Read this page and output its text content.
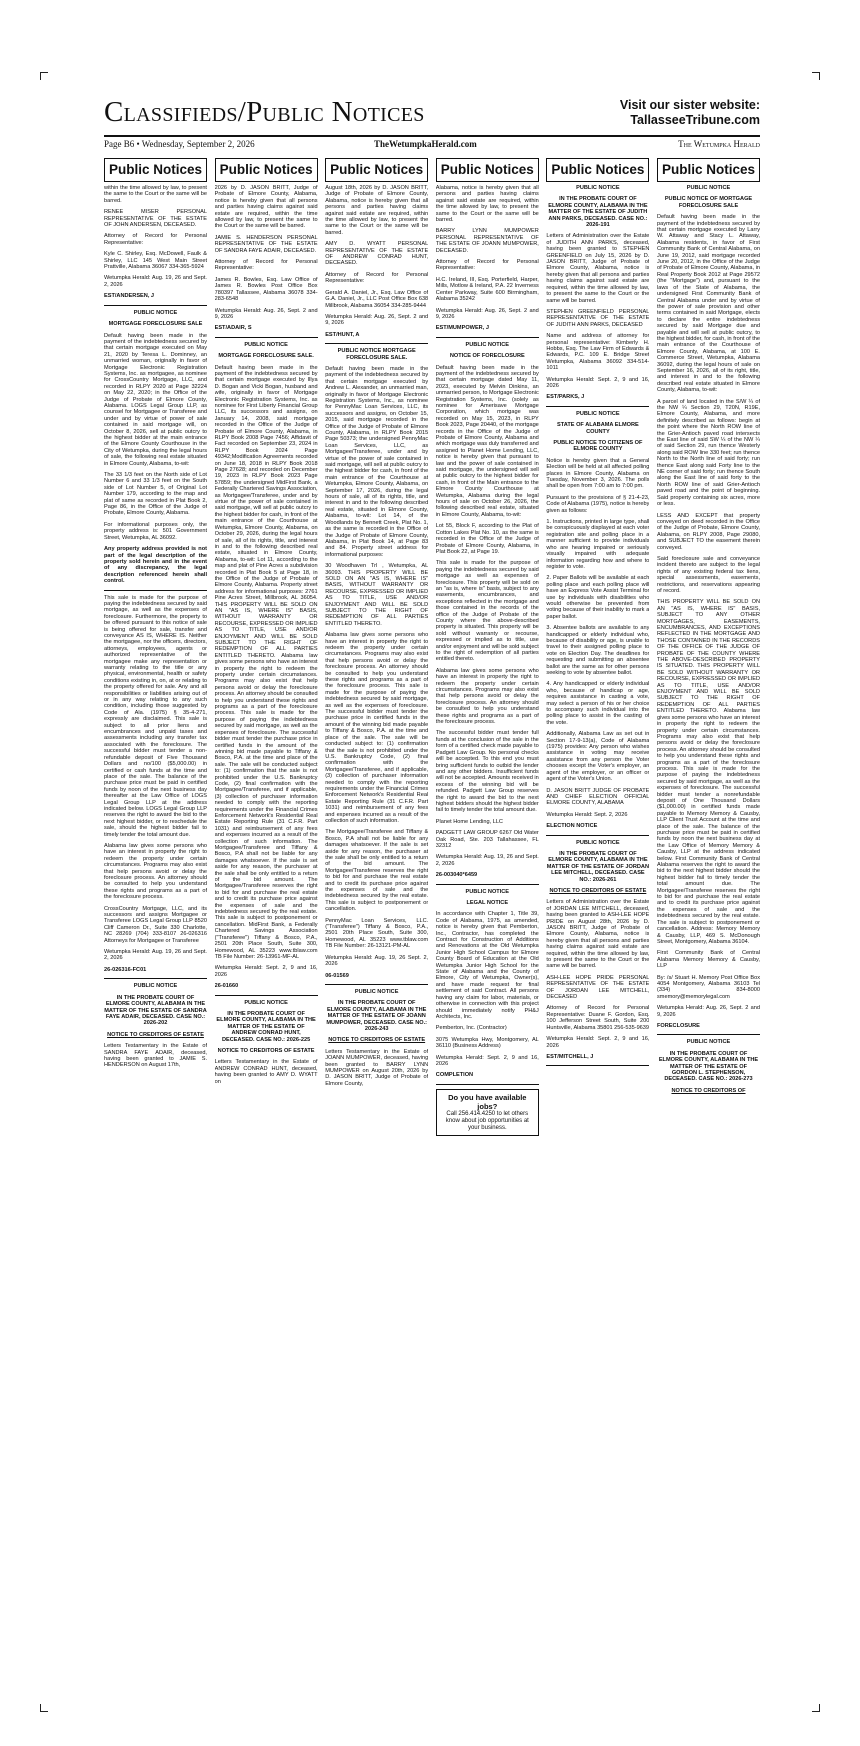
Classifieds/Public Notices	Visit our sister website:
TallasseeTribune.com
Page B6 • Wednesday, September 2, 2026	TheWetumpkaHerald.com	The Wetumpka Herald
Public Notices

within the time allowed by law, to present the same to the Court or the same will be barred.

RENEE MISER PERSONAL REPRESENTATIVE OF THE ESTATE OF JOHN ANDERSEN, DECEASED.

Attorney of Record for Personal Representative:

Kyle C. Shirley, Esq. McDowell, Faulk & Shirley, LLC 145 West Main Street Prattville, Alabama 36067 334-365-5924

Wetumpka Herald: Aug. 19, 26 and Sept. 2, 2026

EST/ANDERSEN, J

PUBLIC NOTICE

MORTGAGE FORECLOSURE SALE

Default having been made in the payment of the indebtedness secured by that certain mortgage executed on May 21, 2020 by Teresa L. Dominney, an unmarried woman, originally in favor of Mortgage Electronic Registration Systems, Inc. as mortgagee, as nominee for CrossCountry Mortgage, LLC, and recorded in RLPY 2020 at Page 32224 on May 22, 2020; in the Office of the Judge of Probate of Elmore County, Alabama. LOGS Legal Group LLP, as counsel for Mortgagee or Transferee and under and by virtue of power of sale contained in said mortgage will, on October 8, 2026, sell at public outcry to the highest bidder at the main entrance of the Elmore County Courthouse in the City of Wetumpka, during the legal hours of sale, the following real estate situated in Elmore County, Alabama, to-wit:

The 33 1/3 feet on the North side of Lot Number 6 and 33 1/3 feet on the South side of Lot Number 5, of Original Lot Number 179, according to the map and plat of same as recorded in Plat Book 2, Page 86, in the Office of the Judge of Probate, Elmore County, Alabama.

For informational purposes only, the property address is: 501 Government Street, Wetumpka, AL 36092.

Any property address provided is not part of the legal description of the property sold herein and in the event of any discrepancy, the legal description referenced herein shall control.

This sale is made for the purpose of paying the indebtedness secured by said mortgage, as well as the expenses of foreclosure. Furthermore, the property to be offered pursuant to this notice of sale is being offered for sale, transfer and conveyance AS IS, WHERE IS. Neither the mortgagee, nor the officers, directors, attorneys, employees, agents or authorized representative of the mortgagee make any representation or warranty relating to the title or any physical, environmental, health or safety conditions existing in, on, at or relating to the property offered for sale. Any and all responsibilities or liabilities arising out of or in any way relating to any such condition, including those suggested by Code of Ala. (1975) § 35-4-271, expressly are disclaimed. This sale is subject to all prior liens and encumbrances and unpaid taxes and assessments including any transfer tax associated with the foreclosure. The successful bidder must tender a non-refundable deposit of Five Thousand Dollars and no/100 ($5,000.00) in certified or cash funds at the time and place of the sale. The balance of the purchase price must be paid in certified funds by noon of the next business day thereafter at the Law Office of LOGS Legal Group LLP at the address indicated below. LOGS Legal Group LLP reserves the right to award the bid to the next highest bidder, or to reschedule the sale, should the highest bidder fail to timely tender the total amount due.

Alabama law gives some persons who have an interest in property the right to redeem the property under certain circumstances. Programs may also exist that help persons avoid or delay the foreclosure process. An attorney should be consulted to help you understand these rights and programs as a part of the foreclosure process.

CrossCountry Mortgage, LLC, and its successors and assigns Mortgagee or Transferee LOGS Legal Group LLP 8520 Cliff Cameron Dr., Suite 330 Charlotte, NC 28269 (704) 333-8107 26-026316 Attorneys for Mortgagee or Transferee

Wetumpka Herald: Aug. 19, 26 and Sept. 2, 2026

26-026316-FC01

PUBLIC NOTICE

IN THE PROBATE COURT OF ELMORE COUNTY, ALABAMA IN THE MATTER OF THE ESTATE OF SANDRA FAYE ADAIR, DECEASED. CASE NO.: 2026-202

NOTICE TO CREDITORS OF ESTATE

Letters Testamentary in the Estate of SANDRA FAYE ADAIR, deceased, having been granted to JAMIE S. HENDERSON on August 17th,

Public Notices

2026 by D. JASON BRITT, Judge of Probate of Elmore County, Alabama, notice is hereby given that all persons and parties having claims against said estate are required, within the time allowed by law, to present the same to the Court or the same will be barred.

JAMIE S. HENDERSON PERSONAL REPRESENTATIVE OF THE ESTATE OF SANDRA FAYE ADAIR, DECEASED.

Attorney of Record for Personal Representative:

James R. Bowles, Esq. Law Office of James R. Bowles Post Office Box 780397 Tallassee, Alabama 36078 334-283-6548

Wetumpka Herald: Aug. 26, Sept. 2 and 9, 2026

EST/ADAIR, S

PUBLIC NOTICE

MORTGAGE FORECLOSURE SALE.

Default having been made in the payment of the indebtedness secured by that certain mortgage executed by Illya D. Bogan and Vicki Bogan, husband and wife, originally in favor of Mortgage Electronic Registration Systems, Inc. as nominee for First Liberty Financial Group LLC, its successors and assigns, on January 14, 2008, said mortgage recorded in the Office of the Judge of Probate of Elmore County, Alabama, in RLPY Book 2008 Page 7456; Affidavit of Fact recorded on September 23, 2024 in RLPY Book 2024 Page 49342;Modification Agreements recorded on June 18, 2018 in RLPY Book 2018 Page 27628; and recorded on December 19, 2023 in RLPY Book 2023 Page 57859; the undersigned MidFirst Bank, a Federally Chartered Savings Association, as Mortgagee/Transferee, under and by virtue of the power of sale contained in said mortgage, will sell at public outcry to the highest bidder for cash, in front of the main entrance of the Courthouse at Wetumpka, Elmore County, Alabama, on October 29, 2026, during the legal hours of sale, all of its rights, title, and interest in and to the following described real estate, situated in Elmore County, Alabama, to-wit: Lot 11, according to the map and plat of Pine Acres a subdivision recorded in Plat Book 5 at Page 18, in the Office of the Judge of Probate of Elmore County, Alabama. Property street address for informational purposes: 2761 Pine Acres Street, Millbrook, AL 36054. THIS PROPERTY WILL BE SOLD ON AN "AS IS, WHERE IS" BASIS, WITHOUT WARRANTY OR RECOURSE, EXPRESSED OR IMPLIED AS TO TITLE, USE AND/OR ENJOYMENT AND WILL BE SOLD SUBJECT TO THE RIGHT OF REDEMPTION OF ALL PARTIES ENTITLED THERETO. Alabama law gives some persons who have an interest in property the right to redeem the property under certain circumstances. Programs may also exist that help persons avoid or delay the foreclosure process. An attorney should be consulted to help you understand these rights and programs as a part of the foreclosure process. This sale is made for the purpose of paying the indebtedness secured by said mortgage, as well as the expenses of foreclosure. The successful bidder must tender the purchase price in certified funds in the amount of the winning bid made payable to Tiffany & Bosco, P.A. at the time and place of the sale. The sale will be conducted subject to: (1) confirmation that the sale is not prohibited under the U.S. Bankruptcy Code, (2) final confirmation with the Mortgagee/Transferee, and if applicable, (3) collection of purchaser information needed to comply with the reporting requirements under the Financial Crimes Enforcement Network's Residential Real Estate Reporting Rule (31 C.F.R. Part 1031) and reimbursement of any fees and expenses incurred as a result of the collection of such information. The Mortgagee/Transferee and Tiffany & Bosco, P.A shall not be liable for any damages whatsoever. If the sale is set aside for any reason, the purchaser at the sale shall be only entitled to a return of the bid amount. The Mortgagee/Transferee reserves the right to bid for and purchase the real estate and to credit its purchase price against the expenses of sale and the indebtedness secured by the real estate. This sale is subject to postponement or cancellation. MidFirst Bank, a Federally Chartered Savings Association ("Transferee") Tiffany & Bosco, P.A., 2501 20th Place South, Suite 300, Homewood, AL 35223 www.tblaw.com TB File Number: 26-13961-MF-AL

Wetumpka Herald: Sept. 2, 9 and 16, 2026

26-01660

PUBLIC NOTICE

IN THE PROBATE COURT OF ELMORE COUNTY, ALABAMA IN THE MATTER OF THE ESTATE OF ANDREW CONRAD HUNT, DECEASED. CASE NO.: 2026-225

NOTICE TO CREDITORS OF ESTATE

Letters Testamentary in the Estate of ANDREW CONRAD HUNT, deceased, having been granted to AMY D. WYATT on

Public Notices

August 18th, 2026 by D. JASON BRITT, Judge of Probate of Elmore County, Alabama, notice is hereby given that all persons and parties having claims against said estate are required, within the time allowed by law, to present the same to the Court or the same will be barred.

AMY D. WYATT PERSONAL REPRESENTATIVE OF THE ESTATE OF ANDREW CONRAD HUNT, DECEASED.

Attorney of Record for Personal Representative:

Gerald A. Daniel, Jr., Esq. Law Office of G.A. Daniel, Jr., LLC Post Office Box 638 Millbrook, Alabama 36054 334-285-9444

Wetumpka Herald: Aug. 26, Sept. 2 and 9, 2026

EST/HUNT, A

PUBLIC NOTICE MORTGAGE FORECLOSURE SALE.

Default having been made in the payment of the indebtedness secured by that certain mortgage executed by Andrew L. Alexander, an unmarried man, originally in favor of Mortgage Electronic Registration Systems, Inc., as nominee for PennyMac Loan Services, LLC, its successors and assigns, on October 15, 2015, said mortgage recorded in the Office of the Judge of Probate of Elmore County, Alabama, in RLPY Book 2015 Page 50373; the undersigned PennyMac Loan Services, LLC, as Mortgagee/Transferee, under and by virtue of the power of sale contained in said mortgage, will sell at public outcry to the highest bidder for cash, in front of the main entrance of the Courthouse at Wetumpka, Elmore County, Alabama, on September 17, 2026, during the legal hours of sale, all of its rights, title, and interest in and to the following described real estate, situated in Elmore County, Alabama, to-wit: Lot 14, of the Woodlands by Bennett Creek, Plat No. 1, as the same is recorded in the Office of the Judge of Probate of Elmore County, Alabama, in Plat Book 14, at Page 83 and 84. Property street address for informational purposes:

30 Woodhaven Trl , Wetumpka, AL 36093. THIS PROPERTY WILL BE SOLD ON AN "AS IS, WHERE IS" BASIS, WITHOUT WARRANTY OR RECOURSE, EXPRESSED OR IMPLIED AS TO TITLE, USE AND/OR ENJOYMENT AND WILL BE SOLD SUBJECT TO THE RIGHT OF REDEMPTION OF ALL PARTIES ENTITLED THERETO.

Alabama law gives some persons who have an interest in property the right to redeem the property under certain circumstances. Programs may also exist that help persons avoid or delay the foreclosure process. An attorney should be consulted to help you understand these rights and programs as a part of the foreclosure process. This sale is made for the purpose of paying the indebtedness secured by said mortgage, as well as the expenses of foreclosure. The successful bidder must tender the purchase price in certified funds in the amount of the winning bid made payable to Tiffany & Bosco, P.A. at the time and place of the sale. The sale will be conducted subject to: (1) confirmation that the sale is not prohibited under the U.S. Bankruptcy Code, (2) final confirmation with the Mortgagee/Transferee, and if applicable, (3) collection of purchaser information needed to comply with the reporting requirements under the Financial Crimes Enforcement Network's Residential Real Estate Reporting Rule (31 C.F.R. Part 1031) and reimbursement of any fees and expenses incurred as a result of the collection of such information.

The Mortgagee/Transferee and Tiffany & Bosco, P.A shall not be liable for any damages whatsoever. If the sale is set aside for any reason, the purchaser at the sale shall be only entitled to a return of the bid amount. The Mortgagee/Transferee reserves the right to bid for and purchase the real estate and to credit its purchase price against the expenses of sale and the indebtedness secured by the real estate. This sale is subject to postponement or cancellation.

PennyMac Loan Services, LLC. ("Transferee") Tiffany & Bosco, P.A., 2501 20th Place South, Suite 300, Homewood, AL 35223 www.tblaw.com TB File Number: 26-13121-PM-AL

Wetumpka Herald: Aug. 19, 26 Sept. 2, 2026

06-01569

PUBLIC NOTICE

IN THE PROBATE COURT OF ELMORE COUNTY, ALABAMA IN THE MATTER OF THE ESTATE OF JOANN MUMPOWER, DECEASED. CASE NO.: 2026-243

NOTICE TO CREDITORS OF ESTATE

Letters Testamentary in the Estate of JOANN MUMPOWER, deceased, having been granted to BARRY LYNN MUMPOWER on August 20th, 2026 by D. JASON BRITT, Judge of Probate of Elmore County,

Public Notices

Alabama, notice is hereby given that all persons and parties having claims against said estate are required, within the time allowed by law, to present the same to the Court or the same will be barred.

BARRY LYNN MUMPOWER PERSONAL REPRESENTATIVE OF THE ESTATE OF JOANN MUMPOWER, DECEASED.

Attorney of Record for Personal Representative:

H.C. Ireland, III, Esq. Porterfield, Harper, Mills, Motlow & Ireland, P.A. 22 Inverness Center Parkway, Suite 600 Birmingham, Alabama 35242

Wetumpka Herald: Aug. 26, Sept. 2 and 9, 2026

EST/MUMPOWER, J

PUBLIC NOTICE

NOTICE OF FORECLOSURE

Default having been made in the payment of the indebtedness secured by that certain mortgage dated May 11, 2023, executed by Melvin Dinkins, an unmarried person, to Mortgage Electronic Registration Systems, Inc. (solely as nominee for Amerisave Mortgage Corporation, which mortgage was recorded on May 15, 2023, in RLPY Book 2023, Page 20440, of the mortgage records in the Office of the Judge of Probate of Elmore County, Alabama and which mortgage was duly transferred and assigned to Planet Home Lending, LLC, notice is hereby given that pursuant to law and the power of sale contained in said mortgage, the undersigned will sell at public outcry to the highest bidder for cash, in front of the Main entrance to the Elmore County Courthouse at Wetumpka, Alabama during the legal hours of sale on October 26, 2026, the following described real estate, situated in Elmore County, Alabama, to-wit:

Lot 55, Block F, according to the Plat of Cotton Lakes Plat No. 10, as the same is recorded in the Office of the Judge of Probate of Elmore County, Alabama, in Plat Book 22, at Page 19.

This sale is made for the purpose of paying the indebtedness secured by said mortgage as well as expenses of foreclosure. This property will be sold on an "as is, where is" basis, subject to any easements, encumbrances, and exceptions reflected in the mortgage and those contained in the records of the office of the Judge of Probate of the County where the above-described property is situated. This property will be sold without warranty or recourse, expressed or implied as to title, use and/or enjoyment and will be sold subject to the right of redemption of all parties entitled thereto.

Alabama law gives some persons who have an interest in property the right to redeem the property under certain circumstances. Programs may also exist that help persons avoid or delay the foreclosure process. An attorney should be consulted to help you understand these rights and programs as a part of the foreclosure process.

The successful bidder must tender full funds at the conclusion of the sale in the form of a certified check made payable to Padgett Law Group. No personal checks will be accepted. To this end you must bring sufficient funds to outbid the lender and any other bidders. Insufficient funds will not be accepted. Amounts received in excess of the winning bid will be refunded. Padgett Law Group reserves the right to award the bid to the next highest bidders should the highest bidder fail to timely tender the total amount due.

Planet Home Lending, LLC

PADGETT LAW GROUP 6267 Old Water Oak Road, Ste. 203 Tallahassee, FL 32312

Wetumpka Herald: Aug. 19, 26 and Sept. 2, 2026

26-003040*6459

PUBLIC NOTICE

LEGAL NOTICE

In accordance with Chapter 1, Title 39, Code of Alabama, 1975, as amended, notice is hereby given that Pemberton, Inc., Contractor, has completed the Contract for Construction of Additions and Renovations at the Old Wetumpka Junior High School Campus for Elmore County Board of Education at the Old Wetumpka Junior High School for the State of Alabama and the County of Elmore, City of Wetumpka, Owner(s), and have made request for final settlement of said Contract. All persons having any claim for labor, materials, or otherwise in connection with this project should immediately notify PH&J Architects, Inc.

Pemberton, Inc. (Contractor)

3075 Wetumpka Hwy, Montgomery, AL 36110 (Business Address)

Wetumpka Herald: Sept. 2, 9 and 16, 2026

COMPLETION

Do you have available jobs?
Call 256.414.4250 to let others know about job opportunities at your business.
Public Notices

PUBLIC NOTICE

IN THE PROBATE COURT OF ELMORE COUNTY, ALABAMA IN THE MATTER OF THE ESTATE OF JUDITH ANN PARKS, DECEASED. CASE NO.: 2026-191

Letters of Administration over the Estate of JUDITH ANN PARKS, deceased, having been granted to STEPHEN GREENFIELD on July 15, 2026 by D. JASON BRITT, Judge of Probate of Elmore County, Alabama, notice is hereby given that all persons and parties having claims against said estate are required, within the time allowed by law, to present the same to the Court or the same will be barred.

STEPHEN GREENFIELD PERSONAL REPRESENTATIVE OF THE ESTATE OF JUDITH ANN PARKS, DECEASED

Name and address of attorney for personal representative: Kimberly H. Hobbs, Esq. The Law Firm of Edwards & Edwards, P.C. 109 E. Bridge Street Wetumpka, Alabama 36092 334-514-1011

Wetumpka Herald: Sept. 2, 9 and 16, 2026

EST/PARKS, J

PUBLIC NOTICE

STATE OF ALABAMA ELMORE COUNTY

PUBLIC NOTICE TO CITIZENS OF ELMORE COUNTY

Notice is hereby given that a General Election will be held at all affected polling places in Elmore County, Alabama on Tuesday, November 3, 2026. The polls shall be open from 7:00 am to 7:00 pm.

Pursuant to the provisions of § 21-4-23, Code of Alabama (1975), notice is hereby given as follows:

1. Instructions, printed in large type, shall be conspicuously displayed at each voter registration site and polling place in a manner sufficient to provide individuals who are hearing impaired or seriously visually impaired with adequate information regarding how and where to register to vote.

2. Paper Ballots will be available at each polling place and each polling place will have an Express Vote Assist Terminal for use by individuals with disabilities who would otherwise be prevented from voting because of their inability to mark a paper ballot.

3. Absentee ballots are available to any handicapped or elderly individual who, because of disability or age, is unable to travel to their assigned polling place to vote on Election Day. The deadlines for requesting and submitting an absentee ballot are the same as for other persons seeking to vote by absentee ballot.

4. Any handicapped or elderly individual who, because of handicap or age, requires assistance in casting a vote, may select a person of his or her choice to accompany such individual into the polling place to assist in the casting of the vote.

Additionally, Alabama Law as set out in Section 17-9-13(a), Code of Alabama (1975) provides: Any person who wishes assistance in voting may receive assistance from any person the Voter chooses except the Voter's employer, an agent of the employer, or an officer or agent of the Voter's Union.

D. JASON BRITT JUDGE OF PROBATE AND CHIEF ELECTION OFFICIAL ELMORE COUNTY, ALABAMA

Wetumpka Herald: Sept. 2, 2026

ELECTION NOTICE

PUBLIC NOTICE

IN THE PROBATE COURT OF ELMORE COUNTY, ALABAMA IN THE MATTER OF THE ESTATE OF JORDAN LEE MITCHELL, DECEASED. CASE NO.: 2026-261

NOTICE TO CREDITORS OF ESTATE

Letters of Administration over the Estate of JORDAN LEE MITCHELL, deceased, having been granted to ASH-LEE HOPE PRIDE on August 28th, 2026 by D. JASON BRITT, Judge of Probate of Elmore County, Alabama, notice is hereby given that all persons and parties having claims against said estate are required, within the time allowed by law, to present the same to the Court or the same will be barred.

ASH-LEE HOPE PRIDE PERSONAL REPRESENTATIVE OF THE ESTATE OF JORDAN LEE MITCHELL, DECEASED

Attorney of Record for Personal Representative: Duane F. Gordon, Esq. 100 Jefferson Street South, Suite 200 Huntsville, Alabama 35801 256-535-9639

Wetumpka Herald: Sept. 2, 9 and 16, 2026

EST/MITCHELL, J

Public Notices

PUBLIC NOTICE

PUBLIC NOTICE OF MORTGAGE FORECLOSURE SALE

Default having been made in the payment of the indebtedness secured by that certain mortgage executed by Larry W. Attaway and Stacy L. Attaway, Alabama residents, in favor of First Community Bank of Central Alabama, on June 19, 2012, said mortgage recorded June 20, 2012, in the Office of the Judge of Probate of Elmore County, Alabama, in Real Property Book 2012 at Page 29572 (the "Mortgage") and, pursuant to the laws of the State of Alabama, the undersigned First Community Bank of Central Alabama under and by virtue of the power of sale provision and other terms contained in said Mortgage, elects to declare the entire indebtedness secured by said Mortgage due and payable and will sell at public outcry, to the highest bidder, for cash, in front of the main entrance of the Courthouse of Elmore County, Alabama, at 100 E. Commerce Street, Wetumpka, Alabama 36092, during the legal hours of sale on September 16, 2026, all of its right, title, and interest in and to the following described real estate situated in Elmore County, Alabama, to-wit:

A parcel of land located in the S/W ¼ of the NW ¼ Section 29, T20N, R19E, Elmore County, Alabama, and more definitely described as follows: begin at the point where the North ROW line of the Grier-Antioch paved road intersects the East line of said SW ¼ of the NW ¼ of said Section 29, run thence Westerly along said ROW line 330 feet; run thence North to the North line of said forty; run thence East along said Forty line to the NE corner of said forty; run thence South along the East line of said forty to the North ROW line of said Grier-Antioch paved road and the point of beginning. Said property containing six acres, more or less.

LESS AND EXCEPT that property conveyed on deed recorded in the Office of the Judge of Probate, Elmore County, Alabama, on RLPY 2008, Page 29080, and SUBJECT TO the easement therein conveyed.

Said foreclosure sale and conveyance incident thereto are subject to the legal rights of any existing federal tax liens, special assessments, easements, restrictions, and reservations appearing of record.

THIS PROPERTY WILL BE SOLD ON AN "AS IS, WHERE IS" BASIS, SUBJECT TO ANY OTHER MORTGAGES, EASEMENTS, ENCUMBRANCES, AND EXCEPTIONS REFLECTED IN THE MORTGAGE AND THOSE CONTAINED IN THE RECORDS OF THE OFFICE OF THE JUDGE OF PROBATE OF THE COUNTY WHERE THE ABOVE-DESCRIBED PROPERTY IS SITUATED. THIS PROPERTY WILL BE SOLD WITHOUT WARRANTY OR RECOURSE, EXPRESSED OR IMPLIED AS TO TITLE, USE AND/OR ENJOYMENT AND WILL BE SOLD SUBJECT TO THE RIGHT OF REDEMPTION OF ALL PARTIES ENTITLED THERETO. Alabama law gives some persons who have an interest in property the right to redeem the property under certain circumstances. Programs may also exist that help persons avoid or delay the foreclosure process. An attorney should be consulted to help you understand these rights and programs as a part of the foreclosure process. This sale is made for the purpose of paying the indebtedness secured by said mortgage, as well as the expenses of foreclosure. The successful bidder must tender a nonrefundable deposit of One Thousand Dollars ($1,000.00) in certified funds made payable to Memory Memory & Causby, LLP Client Trust Account at the time and place of the sale. The balance of the purchase price must be paid in certified funds by noon the next business day at the Law Office of Memory Memory & Causby, LLP at the address indicated below. First Community Bank of Central Alabama reserves the right to award the bid to the next highest bidder should the highest bidder fail to timely tender the total amount due. The Mortgagee/Transferee reserves the right to bid for and purchase the real estate and to credit its purchase price against the expenses of sale and the indebtedness secured by the real estate. The sale is subject to postponement or cancellation. Address: Memory Memory & Causby, LLP, 469 S. McDonough Street, Montgomery, Alabama 36104.

First Community Bank of Central Alabama Memory Memory & Causby, LLP

By: /s/ Stuart H. Memory Post Office Box 4054 Montgomery, Alabama 36103 Tel (334) 834-8000 smemory@memorylegal.com

Wetumpka Herald: Aug. 26, Sept. 2 and 9, 2026

FORECLOSURE

PUBLIC NOTICE

IN THE PROBATE COURT OF ELMORE COUNTY, ALABAMA IN THE MATTER OF THE ESTATE OF GORDON L. STEPHENSON, DECEASED. CASE NO.: 2026-273

NOTICE TO CREDITORS OF
